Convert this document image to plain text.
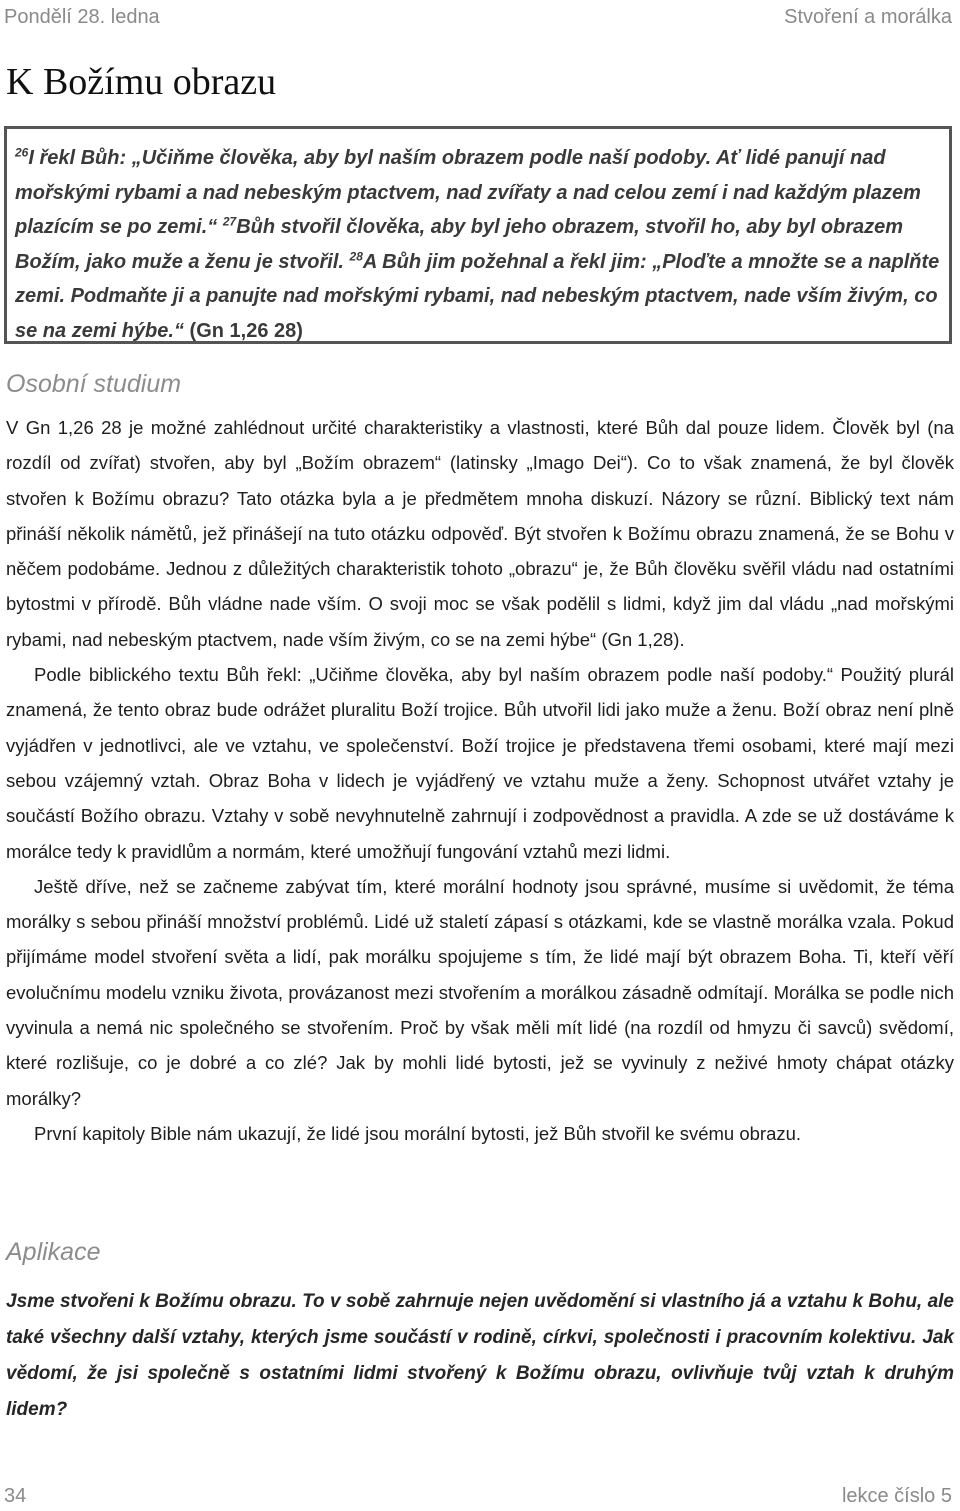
Pondělí 28. ledna	Stvoření a morálka
K Božímu obrazu
$^{26}$I řekl Bůh: „Učiňme člověka, aby byl naším obrazem podle naší podoby. Ať lidé panují nad mořskými rybami a nad nebeským ptactvem, nad zvířaty a nad celou zemí i nad každým plazem plazícím se po zemi.“ $^{27}$Bůh stvořil člověka, aby byl jeho obrazem, stvořil ho, aby byl obrazem Božím, jako muže a ženu je stvořil. $^{28}$A Bůh jim požehnal a řekl jim: „Ploďte a množte se a naplňte zemi. Podmaňte ji a panujte nad mořskými rybami, nad nebeským ptactvem, nade vším živým, co se na zemi hýbe.“ (Gn 1,26 28)
Osobní studium

V Gn 1,26 28 je možné zahlédnout určité charakteristiky a vlastnosti, které Bůh dal pouze lidem. Člověk byl (na rozdíl od zvířat) stvořen, aby byl „Božím obrazem“ (latinsky „Imago Dei“). Co to však znamená, že byl člověk stvořen k Božímu obrazu? Tato otázka byla a je předmětem mnoha diskuzí. Názory se různí. Biblický text nám přináší několik námětů, jež přinášejí na tuto otázku odpověď. Být stvořen k Božímu obrazu znamená, že se Bohu v něčem podobáme. Jednou z důležitých charakteristik tohoto „obrazu“ je, že Bůh člověku svěřil vládu nad ostatními bytostmi v přírodě. Bůh vládne nade vším. O svoji moc se však podělil s lidmi, když jim dal vládu „nad mořskými rybami, nad nebeským ptactvem, nade vším živým, co se na zemi hýbe“ (Gn 1,28).

Podle biblického textu Bůh řekl: „Učiňme člověka, aby byl naším obrazem podle naší podoby.“ Použitý plurál znamená, že tento obraz bude odrážet pluralitu Boží trojice. Bůh utvořil lidi jako muže a ženu. Boží obraz není plně vyjádřen v jednotlivci, ale ve vztahu, ve společenství. Boží trojice je představena třemi osobami, které mají mezi sebou vzájemný vztah. Obraz Boha v lidech je vyjádřený ve vztahu muže a ženy. Schopnost utvářet vztahy je součástí Božího obrazu. Vztahy v sobě nevyhnutelně zahrnují i zodpovědnost a pravidla. A zde se už dostáváme k morálce tedy k pravidlům a normám, které umožňují fungování vztahů mezi lidmi.

Ještě dříve, než se začneme zabývat tím, které morální hodnoty jsou správné, musíme si uvědomit, že téma morálky s sebou přináší množství problémů. Lidé už staletí zápasí s otázkami, kde se vlastně morálka vzala. Pokud přijímáme model stvoření světa a lidí, pak morálku spojujeme s tím, že lidé mají být obrazem Boha. Ti, kteří věří evolučnímu modelu vzniku života, provázanost mezi stvořením a morálkou zásadně odmítají. Morálka se podle nich vyvinula a nemá nic společného se stvořením. Proč by však měli mít lidé (na rozdíl od hmyzu či savců) svědomí, které rozlišuje, co je dobré a co zlé? Jak by mohli lidé bytosti, jež se vyvinuly z neživé hmoty chápat otázky morálky?

První kapitoly Bible nám ukazují, že lidé jsou morální bytosti, jež Bůh stvořil ke svému obrazu.

Aplikace
Jsme stvořeni k Božímu obrazu. To v sobě zahrnuje nejen uvědomění si vlastního já a vztahu k Bohu, ale také všechny další vztahy, kterých jsme součástí v rodině, církvi, společnosti i pracovním kolektivu. Jak vědomí, že jsi společně s ostatními lidmi stvořený k Božímu obrazu, ovlivňuje tvůj vztah k druhým lidem?
34	lekce číslo 5
